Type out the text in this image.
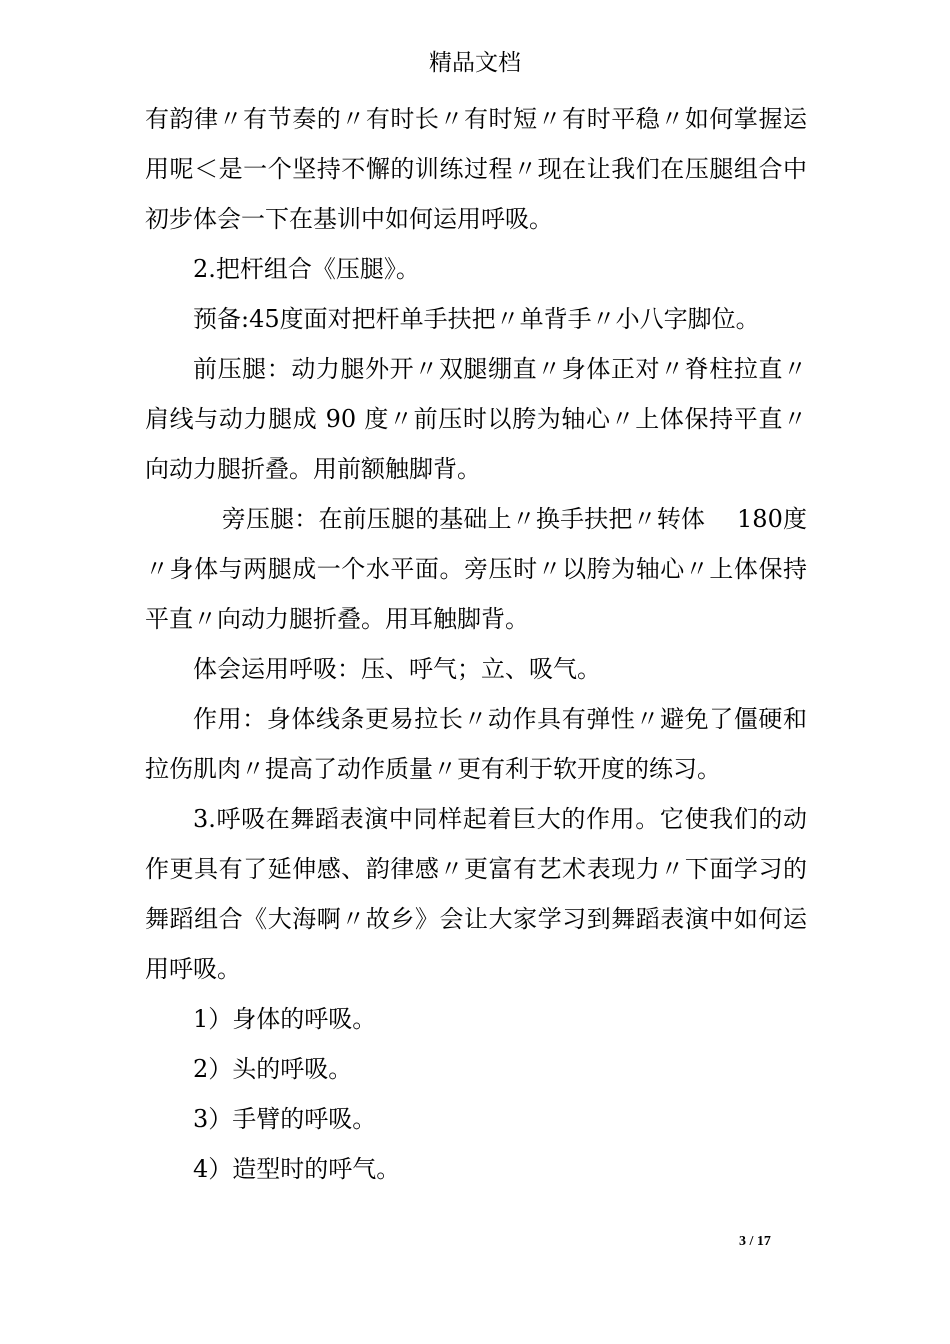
精品文档

有韵律〃有节奏的〃有时长〃有时短〃有时平稳〃如何掌握运用呢＜是一个坚持不懈的训练过程〃现在让我们在压腿组合中初步体会一下在基训中如何运用呼吸。

2.把杆组合《压腿》。

预备:45度面对把杆单手扶把〃单背手〃小八字脚位。

前压腿：动力腿外开〃双腿绷直〃身体正对〃脊柱拉直〃肩线与动力腿成 90 度〃前压时以胯为轴心〃上体保持平直〃向动力腿折叠。用前额触脚背。

旁压腿：在前压腿的基础上〃换手扶把〃转体　 180度〃身体与两腿成一个水平面。旁压时〃以胯为轴心〃上体保持平直〃向动力腿折叠。用耳触脚背。

体会运用呼吸：压、呼气；立、吸气。

作用：身体线条更易拉长〃动作具有弹性〃避免了僵硬和拉伤肌肉〃提高了动作质量〃更有利于软开度的练习。

3.呼吸在舞蹈表演中同样起着巨大的作用。它使我们的动作更具有了延伸感、韵律感〃更富有艺术表现力〃下面学习的舞蹈组合《大海啊〃故乡》会让大家学习到舞蹈表演中如何运用呼吸。

1）身体的呼吸。

2）头的呼吸。

3）手臂的呼吸。

4）造型时的呼气。

3 / 17
